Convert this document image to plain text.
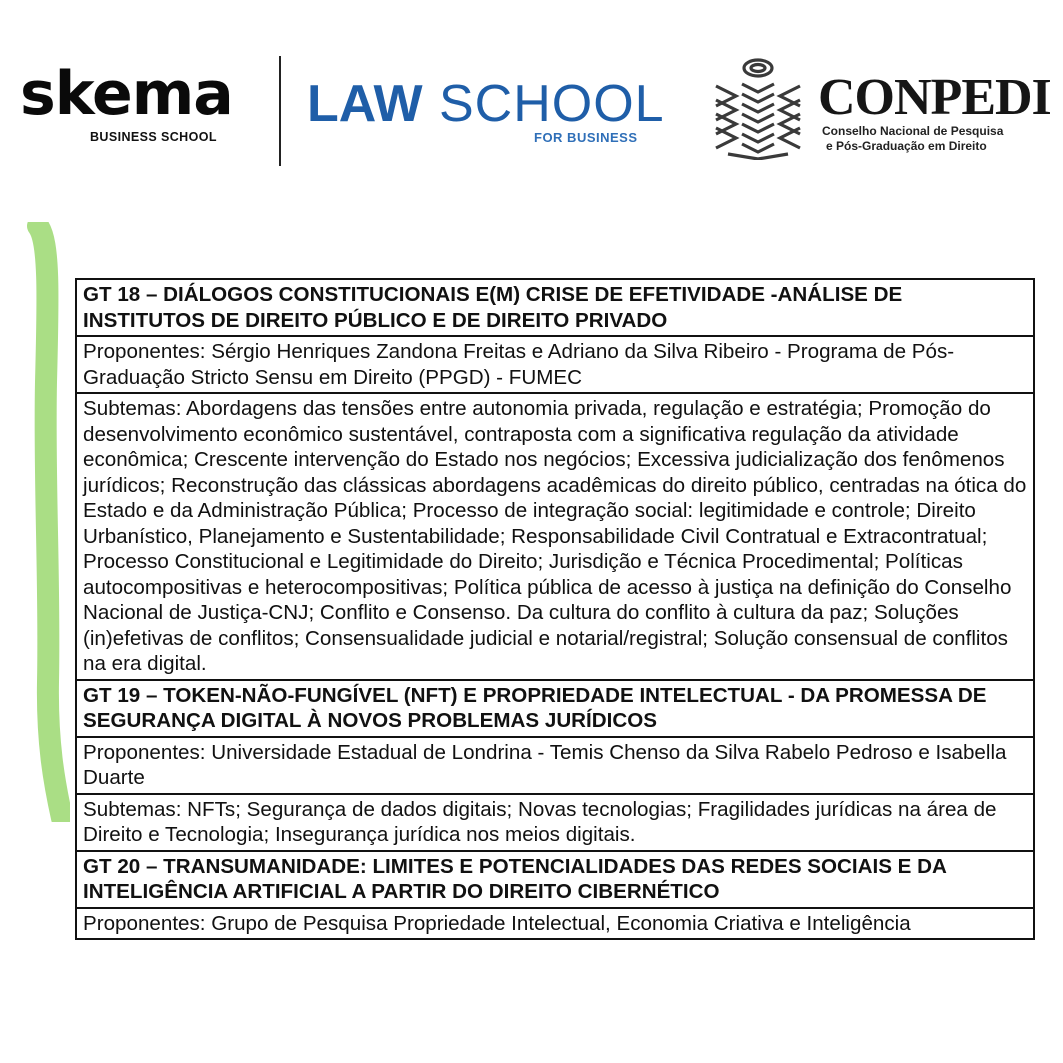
skema
BUSINESS SCHOOL
LAW SCHOOL
FOR BUSINESS
CONPEDI
Conselho Nacional de Pesquisa
e Pós-Graduação em Direito
GT 18 – DIÁLOGOS CONSTITUCIONAIS E(M) CRISE DE EFETIVIDADE -ANÁLISE DE INSTITUTOS DE DIREITO PÚBLICO E DE DIREITO PRIVADO
Proponentes: Sérgio Henriques Zandona Freitas e Adriano da Silva Ribeiro - Programa de Pós-Graduação Stricto Sensu em Direito (PPGD) - FUMEC
Subtemas: Abordagens das tensões entre autonomia privada, regulação e estratégia; Promoção do desenvolvimento econômico sustentável, contraposta com a significativa regulação da atividade econômica; Crescente intervenção do Estado nos negócios; Excessiva judicialização dos fenômenos jurídicos; Reconstrução das clássicas abordagens acadêmicas do direito público, centradas na ótica do Estado e da Administração Pública; Processo de integração social: legitimidade e controle; Direito Urbanístico, Planejamento e Sustentabilidade; Responsabilidade Civil Contratual e Extracontratual; Processo Constitucional e Legitimidade do Direito; Jurisdição e Técnica Procedimental; Políticas autocompositivas e heterocompositivas; Política pública de acesso à justiça na definição do Conselho Nacional de Justiça-CNJ; Conflito e Consenso. Da cultura do conflito à cultura da paz; Soluções (in)efetivas de conflitos; Consensualidade judicial e notarial/registral; Solução consensual de conflitos na era digital.
GT 19 – TOKEN-NÃO-FUNGÍVEL (NFT) E PROPRIEDADE INTELECTUAL - DA PROMESSA DE SEGURANÇA DIGITAL À NOVOS PROBLEMAS JURÍDICOS
Proponentes: Universidade Estadual de Londrina - Temis Chenso da Silva Rabelo Pedroso e Isabella Duarte
Subtemas: NFTs; Segurança de dados digitais; Novas tecnologias; Fragilidades jurídicas na área de Direito e Tecnologia; Insegurança jurídica nos meios digitais.
GT 20 – TRANSUMANIDADE: LIMITES E POTENCIALIDADES DAS REDES SOCIAIS E DA INTELIGÊNCIA ARTIFICIAL A PARTIR DO DIREITO CIBERNÉTICO
Proponentes: Grupo de Pesquisa Propriedade Intelectual, Economia Criativa e Inteligência
